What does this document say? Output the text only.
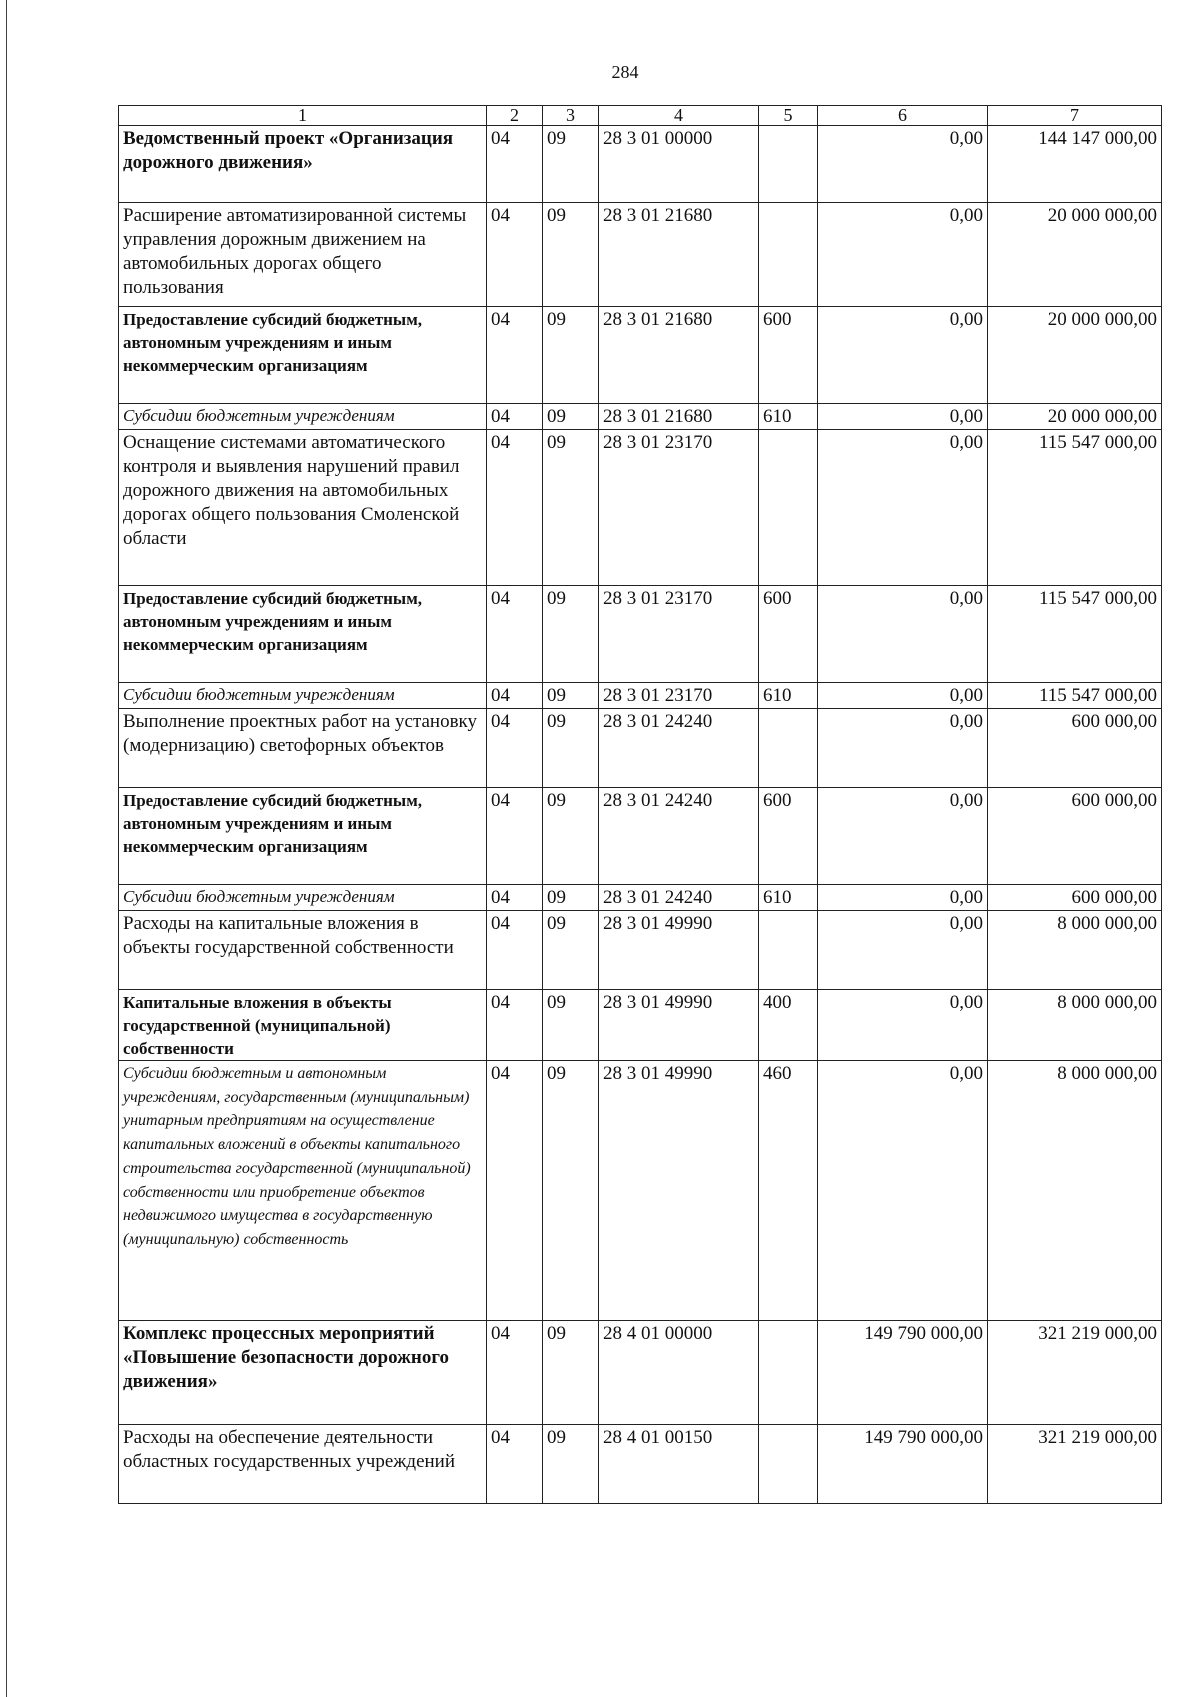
284
1	2	3	4	5	6	7
Ведомственный проект «Организация дорожного движения»	04	09	28 3 01 00000		0,00	144 147 000,00
Расширение автоматизированной системы управления дорожным движением на автомобильных дорогах общего пользования	04	09	28 3 01 21680		0,00	20 000 000,00
Предоставление субсидий бюджетным, автономным учреждениям и иным некоммерческим организациям	04	09	28 3 01 21680	600	0,00	20 000 000,00
Субсидии бюджетным учреждениям	04	09	28 3 01 21680	610	0,00	20 000 000,00
Оснащение системами автоматического контроля и выявления нарушений правил дорожного движения на автомобильных дорогах общего пользования Смоленской области	04	09	28 3 01 23170		0,00	115 547 000,00
Предоставление субсидий бюджетным, автономным учреждениям и иным некоммерческим организациям	04	09	28 3 01 23170	600	0,00	115 547 000,00
Субсидии бюджетным учреждениям	04	09	28 3 01 23170	610	0,00	115 547 000,00
Выполнение проектных работ на установку (модернизацию) светофорных объектов	04	09	28 3 01 24240		0,00	600 000,00
Предоставление субсидий бюджетным, автономным учреждениям и иным некоммерческим организациям	04	09	28 3 01 24240	600	0,00	600 000,00
Субсидии бюджетным учреждениям	04	09	28 3 01 24240	610	0,00	600 000,00
Расходы на капитальные вложения в объекты государственной собственности	04	09	28 3 01 49990		0,00	8 000 000,00
Капитальные вложения в объекты государственной (муниципальной) собственности	04	09	28 3 01 49990	400	0,00	8 000 000,00
Субсидии бюджетным и автономным учреждениям, государственным (муниципальным) унитарным предприятиям на осуществление капитальных вложений в объекты капитального строительства государственной (муниципальной) собственности или приобретение объектов недвижимого имущества в государственную (муниципальную) собственность	04	09	28 3 01 49990	460	0,00	8 000 000,00
Комплекс процессных мероприятий «Повышение безопасности дорожного движения»	04	09	28 4 01 00000		149 790 000,00	321 219 000,00
Расходы на обеспечение деятельности областных государственных учреждений	04	09	28 4 01 00150		149 790 000,00	321 219 000,00
